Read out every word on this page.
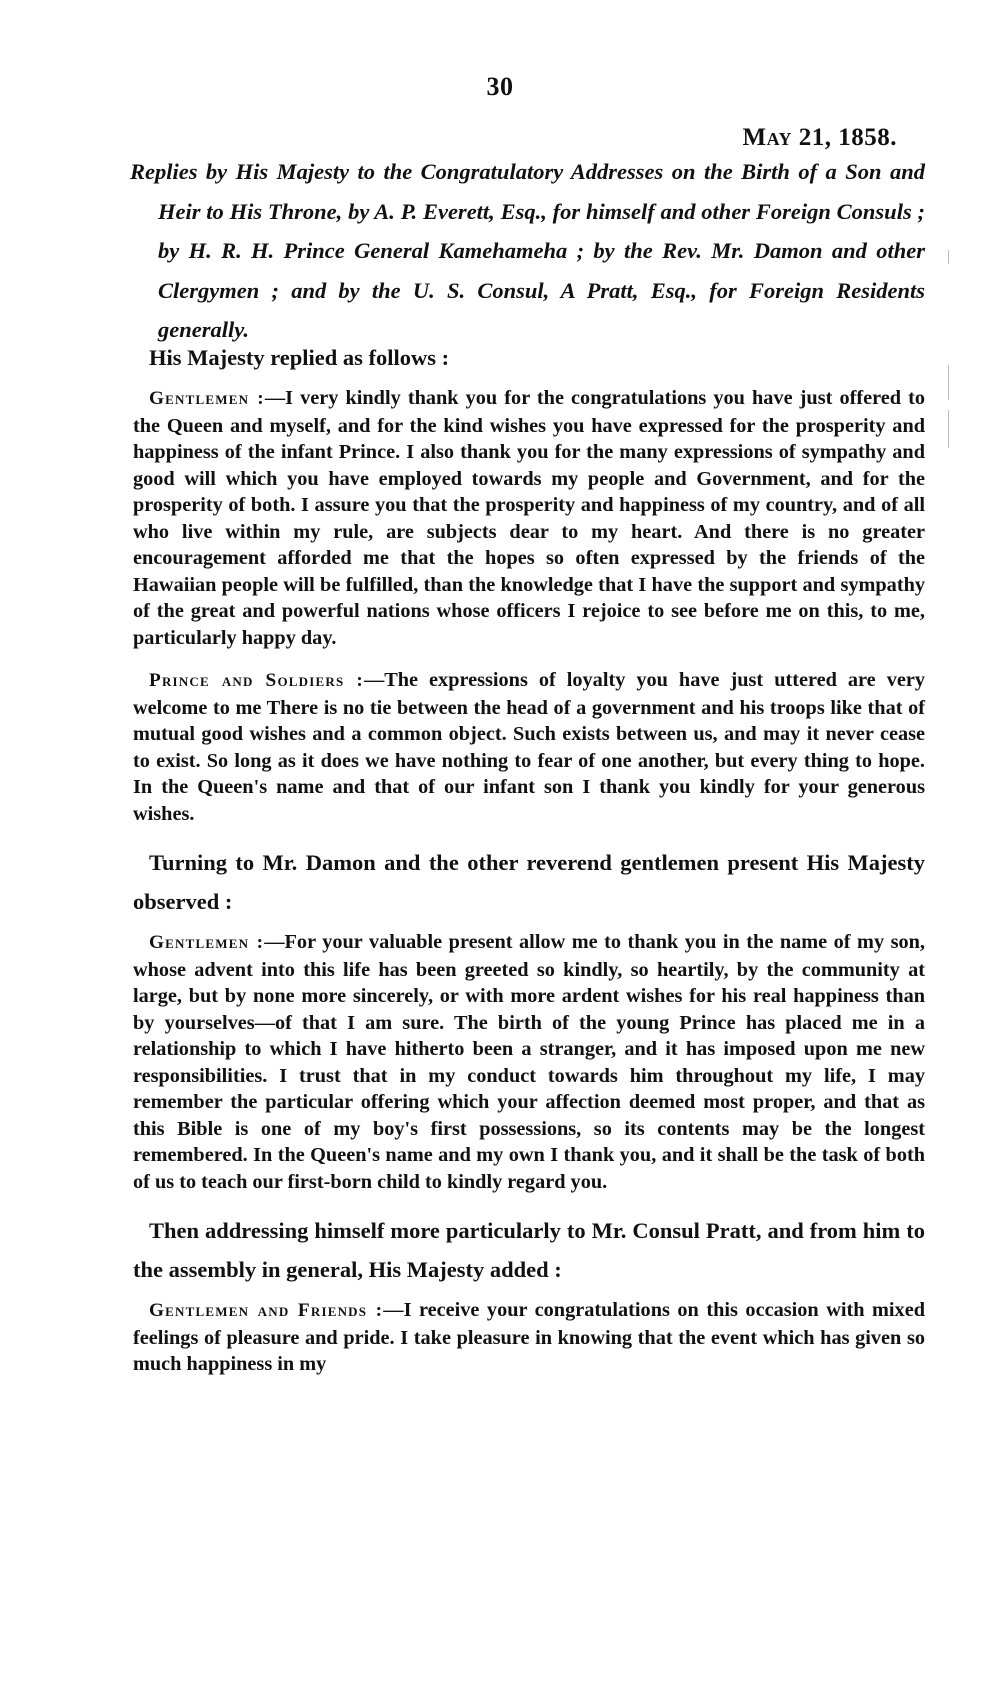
30
May 21, 1858.
Replies by His Majesty to the Congratulatory Addresses on the Birth of a Son and Heir to His Throne, by A. P. Everett, Esq., for himself and other Foreign Consuls ; by H. R. H. Prince General Kamehameha ; by the Rev. Mr. Damon and other Clergymen ; and by the U. S. Consul, A Pratt, Esq., for Foreign Residents generally.

His Majesty replied as follows :

Gentlemen :—I very kindly thank you for the congratulations you have just offered to the Queen and myself, and for the kind wishes you have expressed for the prosperity and happiness of the infant Prince. I also thank you for the many expressions of sympathy and good will which you have employed towards my people and Government, and for the prosperity of both. I assure you that the prosperity and happiness of my country, and of all who live within my rule, are subjects dear to my heart. And there is no greater encouragement afforded me that the hopes so often expressed by the friends of the Hawaiian people will be fulfilled, than the knowledge that I have the support and sympathy of the great and powerful nations whose officers I rejoice to see before me on this, to me, particularly happy day.

Prince and Soldiers :—The expressions of loyalty you have just uttered are very welcome to me There is no tie between the head of a government and his troops like that of mutual good wishes and a common object. Such exists between us, and may it never cease to exist. So long as it does we have nothing to fear of one another, but every thing to hope. In the Queen's name and that of our infant son I thank you kindly for your generous wishes.

Turning to Mr. Damon and the other reverend gentlemen present His Majesty observed :

Gentlemen :—For your valuable present allow me to thank you in the name of my son, whose advent into this life has been greeted so kindly, so heartily, by the community at large, but by none more sincerely, or with more ardent wishes for his real happiness than by yourselves—of that I am sure. The birth of the young Prince has placed me in a relationship to which I have hitherto been a stranger, and it has imposed upon me new responsibilities. I trust that in my conduct towards him throughout my life, I may remember the particular offering which your affection deemed most proper, and that as this Bible is one of my boy's first possessions, so its contents may be the longest remembered. In the Queen's name and my own I thank you, and it shall be the task of both of us to teach our first-born child to kindly regard you.

Then addressing himself more particularly to Mr. Consul Pratt, and from him to the assembly in general, His Majesty added :

Gentlemen and Friends :—I receive your congratulations on this occasion with mixed feelings of pleasure and pride. I take pleasure in knowing that the event which has given so much happiness in my
